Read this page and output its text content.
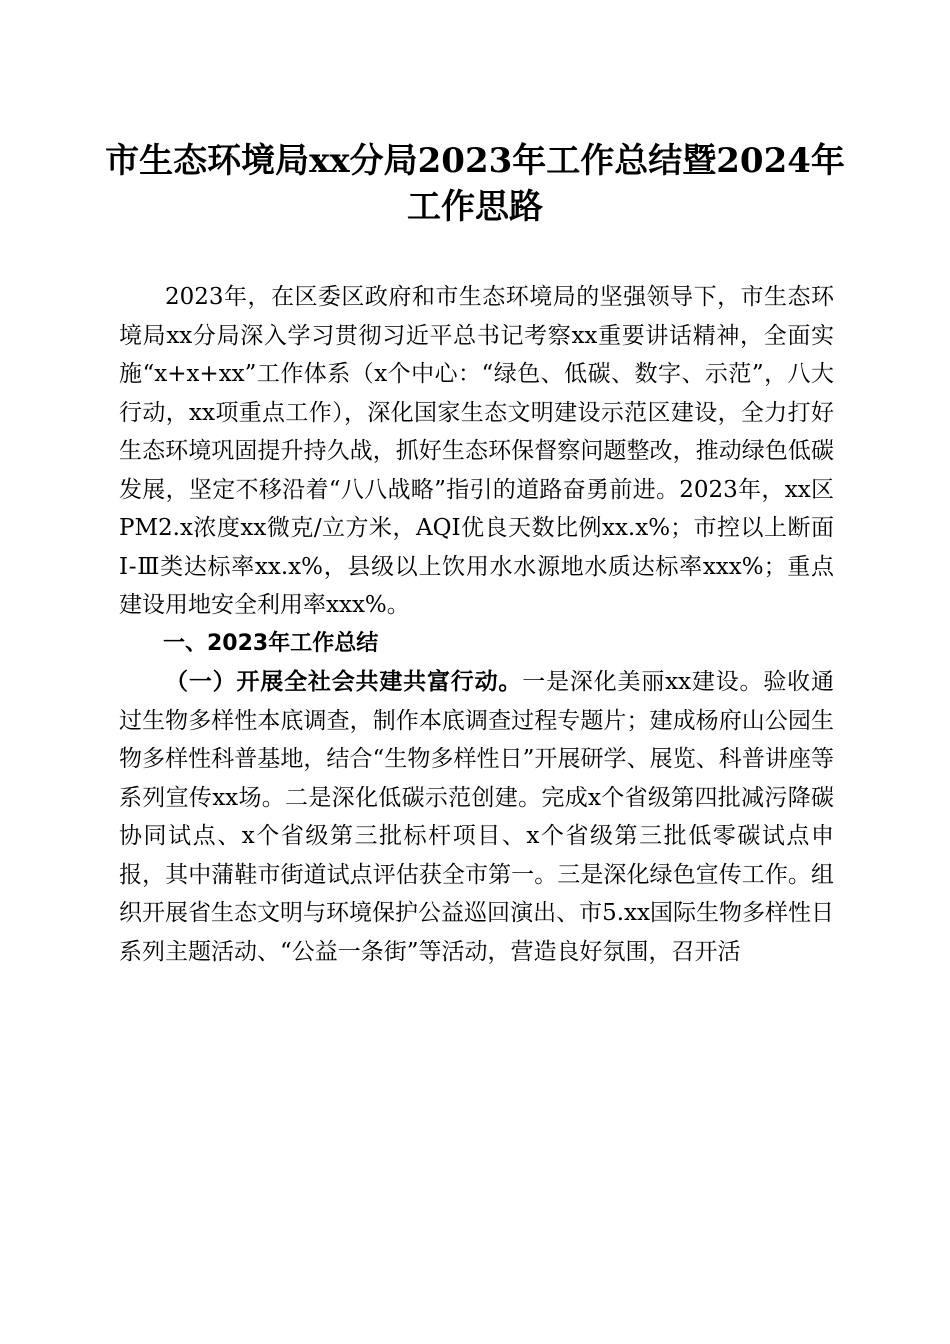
市生态环境局xx分局2023年工作总结暨2024年工作思路

2023年，在区委区政府和市生态环境局的坚强领导下，市生态环境局xx分局深入学习贯彻习近平总书记考察xx重要讲话精神，全面实施“x+x+xx”工作体系（x个中心：“绿色、低碳、数字、示范”，八大行动，xx项重点工作），深化国家生态文明建设示范区建设，全力打好生态环境巩固提升持久战，抓好生态环保督察问题整改，推动绿色低碳发展，坚定不移沿着“八八战略”指引的道路奋勇前进。2023年，xx区PM2.x浓度xx微克/立方米，AQI优良天数比例xx.x%；市控以上断面Ⅰ-Ⅲ类达标率xx.x%，县级以上饮用水水源地水质达标率xxx%；重点建设用地安全利用率xxx%。

一、2023年工作总结

（一）开展全社会共建共富行动。一是深化美丽xx建设。验收通过生物多样性本底调查，制作本底调查过程专题片；建成杨府山公园生物多样性科普基地，结合“生物多样性日”开展研学、展览、科普讲座等系列宣传xx场。二是深化低碳示范创建。完成x个省级第四批减污降碳协同试点、x个省级第三批标杆项目、x个省级第三批低零碳试点申报，其中蒲鞋市街道试点评估获全市第一。三是深化绿色宣传工作。组织开展省生态文明与环境保护公益巡回演出、市5.xx国际生物多样性日系列主题活动、“公益一条街”等活动，营造良好氛围，召开活
